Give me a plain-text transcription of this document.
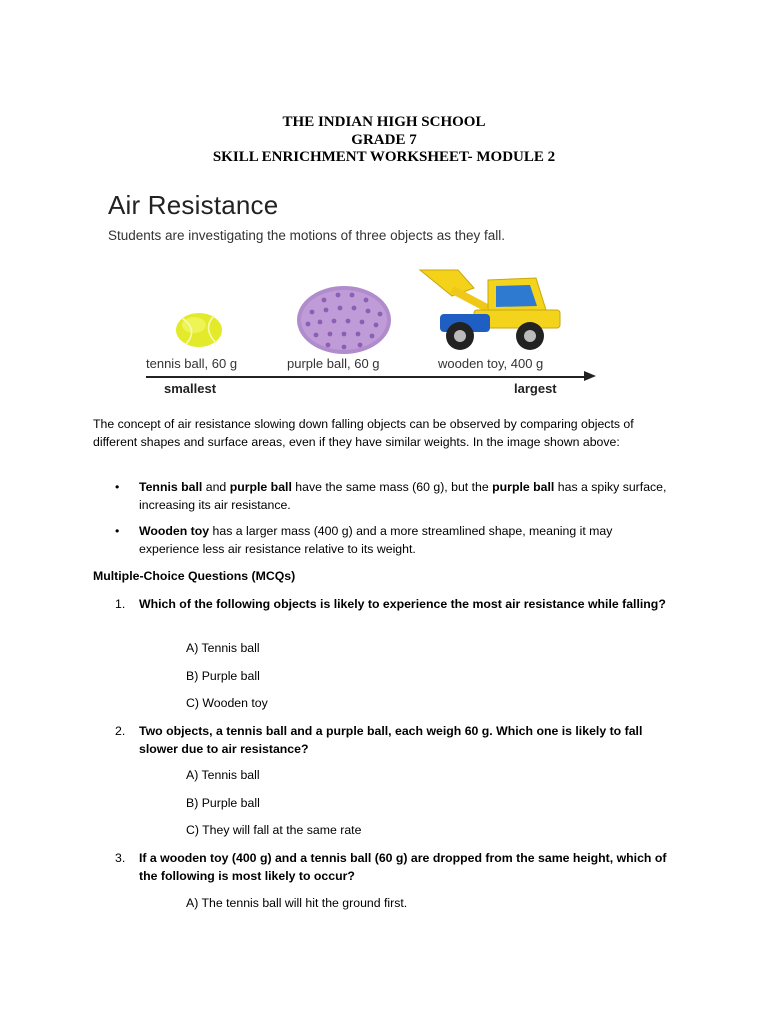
THE INDIAN HIGH SCHOOL
GRADE 7
SKILL ENRICHMENT WORKSHEET- MODULE 2
Air Resistance
Students are investigating the motions of three objects as they fall.
tennis ball, 60 g	purple ball, 60 g	wooden toy, 400 g
smallest	largest
The concept of air resistance slowing down falling objects can be observed by comparing objects of different shapes and surface areas, even if they have similar weights. In the image shown above:
• Tennis ball and purple ball have the same mass (60 g), but the purple ball has a spiky surface, increasing its air resistance.
• Wooden toy has a larger mass (400 g) and a more streamlined shape, meaning it may experience less air resistance relative to its weight.
Multiple-Choice Questions (MCQs)
1. Which of the following objects is likely to experience the most air resistance while falling?
A) Tennis ball
B) Purple ball
C) Wooden toy
2. Two objects, a tennis ball and a purple ball, each weigh 60 g. Which one is likely to fall slower due to air resistance?
A) Tennis ball
B) Purple ball
C) They will fall at the same rate
3. If a wooden toy (400 g) and a tennis ball (60 g) are dropped from the same height, which of the following is most likely to occur?
A) The tennis ball will hit the ground first.
